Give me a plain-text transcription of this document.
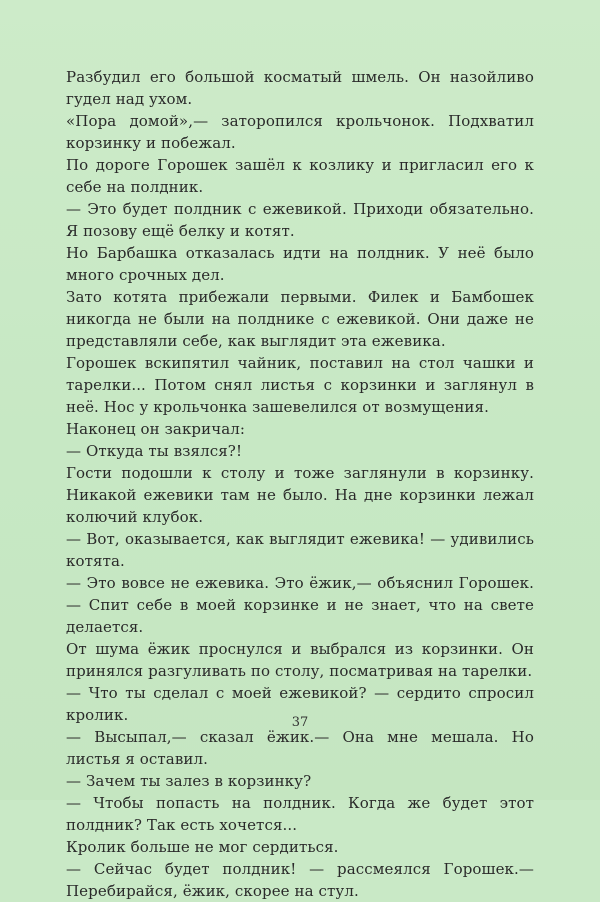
Разбудил его большой косматый шмель. Он назойливо гудел над ухом.

«Пора домой»,— заторопился крольчонок. Подхватил корзинку и побежал.

По дороге Горошек зашёл к козлику и пригласил его к себе на полдник.

— Это будет полдник с ежевикой. Приходи обязательно. Я позову ещё белку и котят.

Но Барбашка отказалась идти на полдник. У неё было много срочных дел.

Зато котята прибежали первыми. Филек и Бамбошек никогда не были на полднике с ежевикой. Они даже не представляли себе, как выглядит эта ежевика.

Горошек вскипятил чайник, поставил на стол чашки и тарелки... Потом снял листья с корзинки и заглянул в неё. Нос у крольчонка зашевелился от возмущения.

Наконец он закричал:

— Откуда ты взялся?!

Гости подошли к столу и тоже заглянули в корзинку. Никакой ежевики там не было. На дне корзинки лежал колючий клубок.

— Вот, оказывается, как выглядит ежевика! — удивились котята.

— Это вовсе не ежевика. Это ёжик,— объяснил Горошек.— Спит себе в моей корзинке и не знает, что на свете делается.

От шума ёжик проснулся и выбрался из корзинки. Он принялся разгуливать по столу, посматривая на тарелки.

— Что ты сделал с моей ежевикой? — сердито спросил кролик.

— Высыпал,— сказал ёжик.— Она мне мешала. Но листья я оставил.

— Зачем ты залез в корзинку?

— Чтобы попасть на полдник. Когда же будет этот полдник? Так есть хочется...

Кролик больше не мог сердиться.

— Сейчас будет полдник! — рассмеялся Горошек.— Перебирайся, ёжик, скорее на стул.

37
